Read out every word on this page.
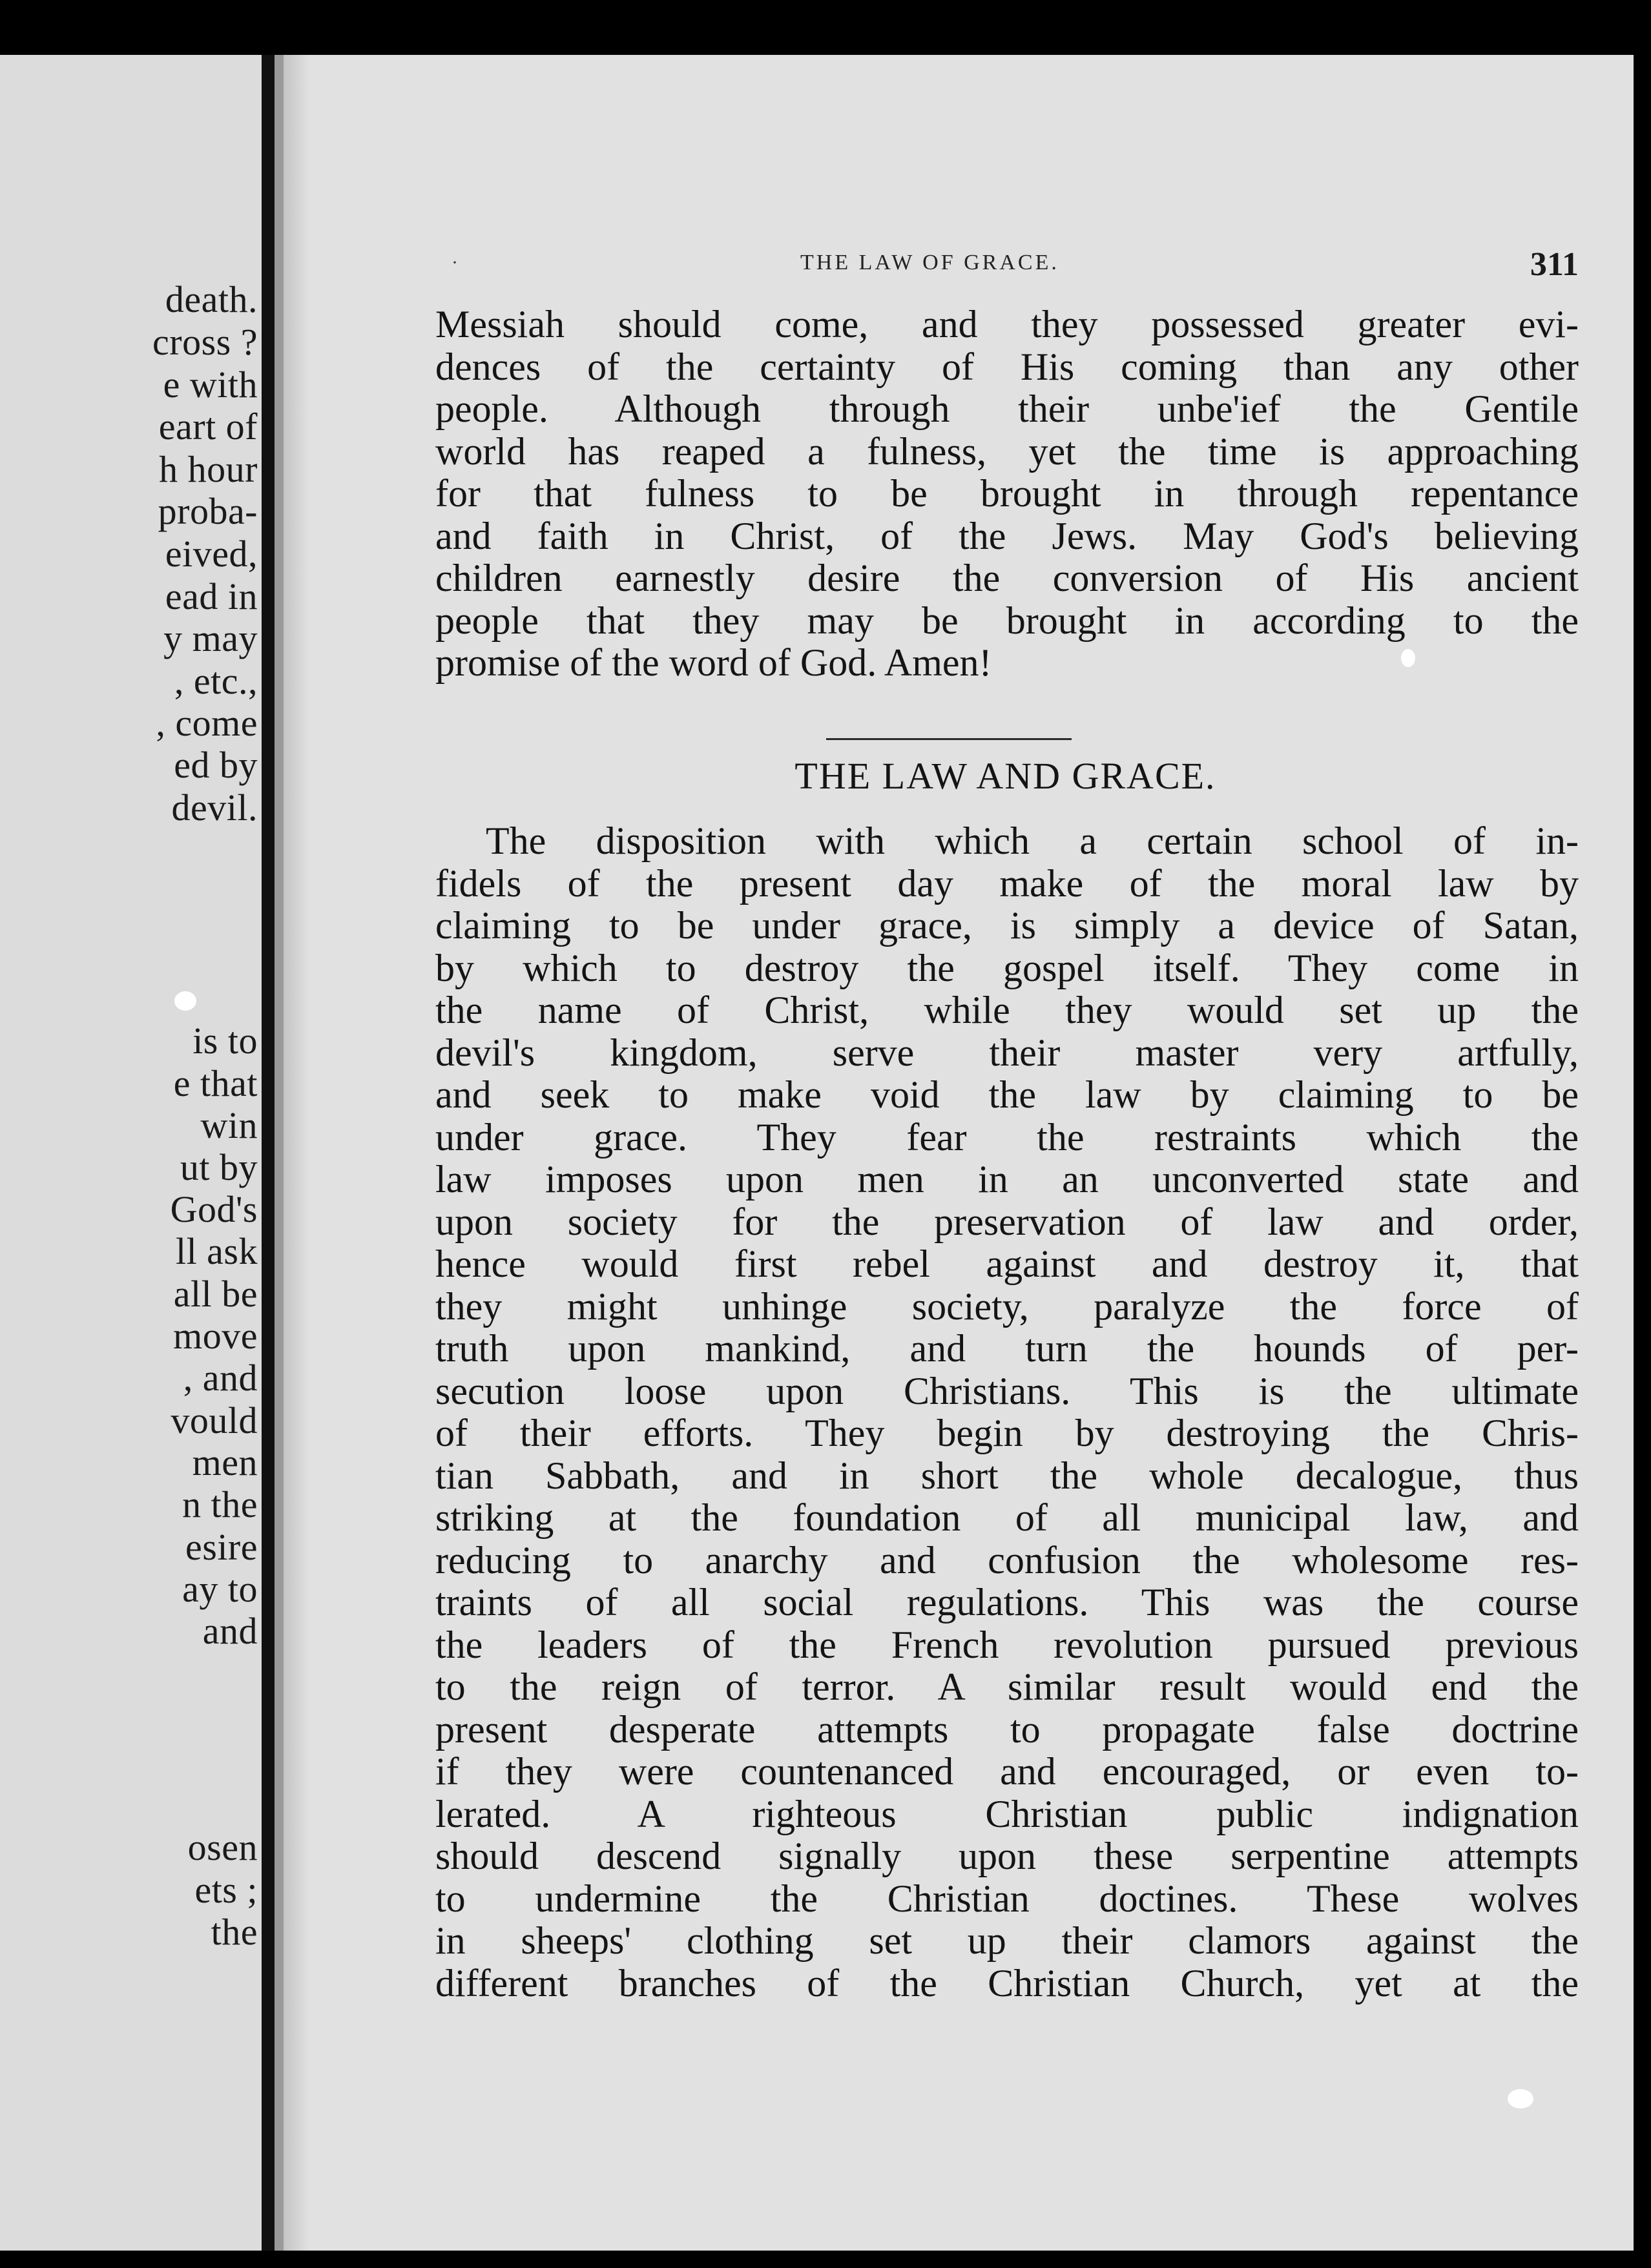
death.
cross ?
e with
eart of
h hour
proba-
eived,
ead in
y may
, etc.,
, come
ed by
devil.
is to
e that
win
ut by
God's
ll ask
all be
move
, and
vould
men
n the
esire
ay to
and
osen
ets ;
the
·	THE LAW OF GRACE.	311
Messiah should come, and they possessed greater evi-
dences of the certainty of His coming than any other
people. Although through their unbe'ief the Gentile
world has reaped a fulness, yet the time is approaching
for that fulness to be brought in through repentance
and faith in Christ, of the Jews. May God's believing
children earnestly desire the conversion of His ancient
people that they may be brought in according to the
promise of the word of God. Amen!
THE LAW AND GRACE.
The disposition with which a certain school of in-
fidels of the present day make of the moral law by
claiming to be under grace, is simply a device of Satan,
by which to destroy the gospel itself. They come in
the name of Christ, while they would set up the
devil's kingdom, serve their master very artfully,
and seek to make void the law by claiming to be
under grace. They fear the restraints which the
law imposes upon men in an unconverted state and
upon society for the preservation of law and order,
hence would first rebel against and destroy it, that
they might unhinge society, paralyze the force of
truth upon mankind, and turn the hounds of per-
secution loose upon Christians. This is the ultimate
of their efforts. They begin by destroying the Chris-
tian Sabbath, and in short the whole decalogue, thus
striking at the foundation of all municipal law, and
reducing to anarchy and confusion the wholesome res-
traints of all social regulations. This was the course
the leaders of the French revolution pursued previous
to the reign of terror. A similar result would end the
present desperate attempts to propagate false doctrine
if they were countenanced and encouraged, or even to-
lerated. A righteous Christian public indignation
should descend signally upon these serpentine attempts
to undermine the Christian doctines. These wolves
in sheeps' clothing set up their clamors against the
different branches of the Christian Church, yet at the
